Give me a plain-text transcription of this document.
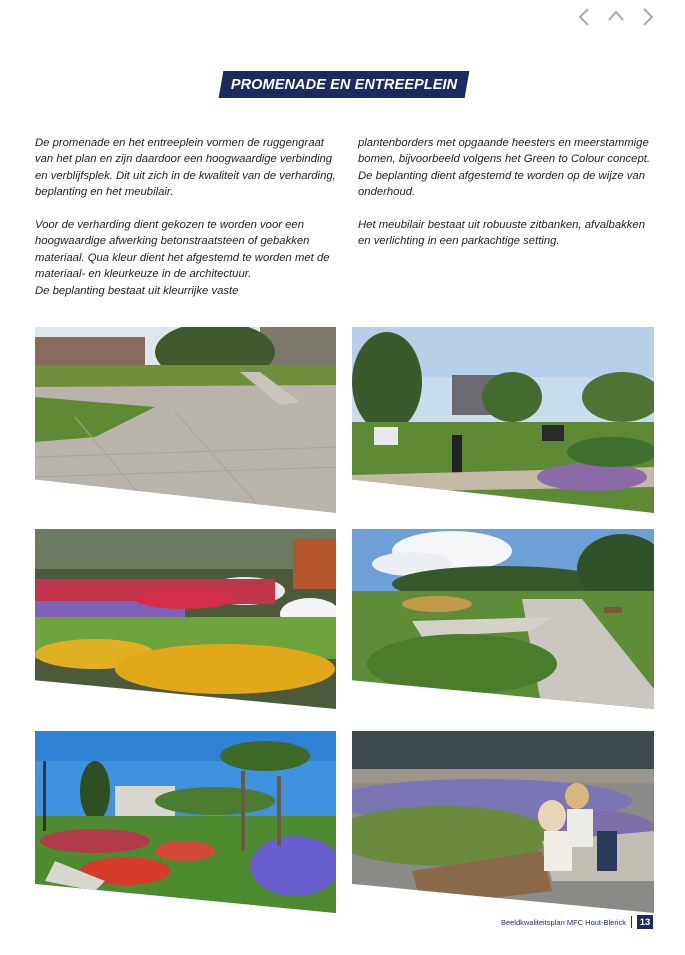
PROMENADE EN ENTREEPLEIN

De promenade en het entreeplein vormen de ruggengraat van het plan en zijn daardoor een hoogwaardige verbinding en verblijfsplek. Dit uit zich in de kwaliteit van de verharding, beplanting en het meubilair.

Voor de verharding dient gekozen te worden voor een hoogwaardige afwerking betonstraatsteen of gebakken materiaal. Qua kleur dient het afgestemd te worden met de materiaal- en kleurkeuze in de architectuur.

De beplanting bestaat uit kleurrijke vaste

plantenborders met opgaande heesters en meerstammige bomen, bijvoorbeeld volgens het Green to Colour concept. De beplanting dient afgestemd te worden op de wijze van onderhoud.

Het meubilair bestaat uit robuuste zitbanken, afvalbakken en verlichting in een parkachtige setting.

Beeldkwaliteitsplan MFC Hout-Blerick 13
